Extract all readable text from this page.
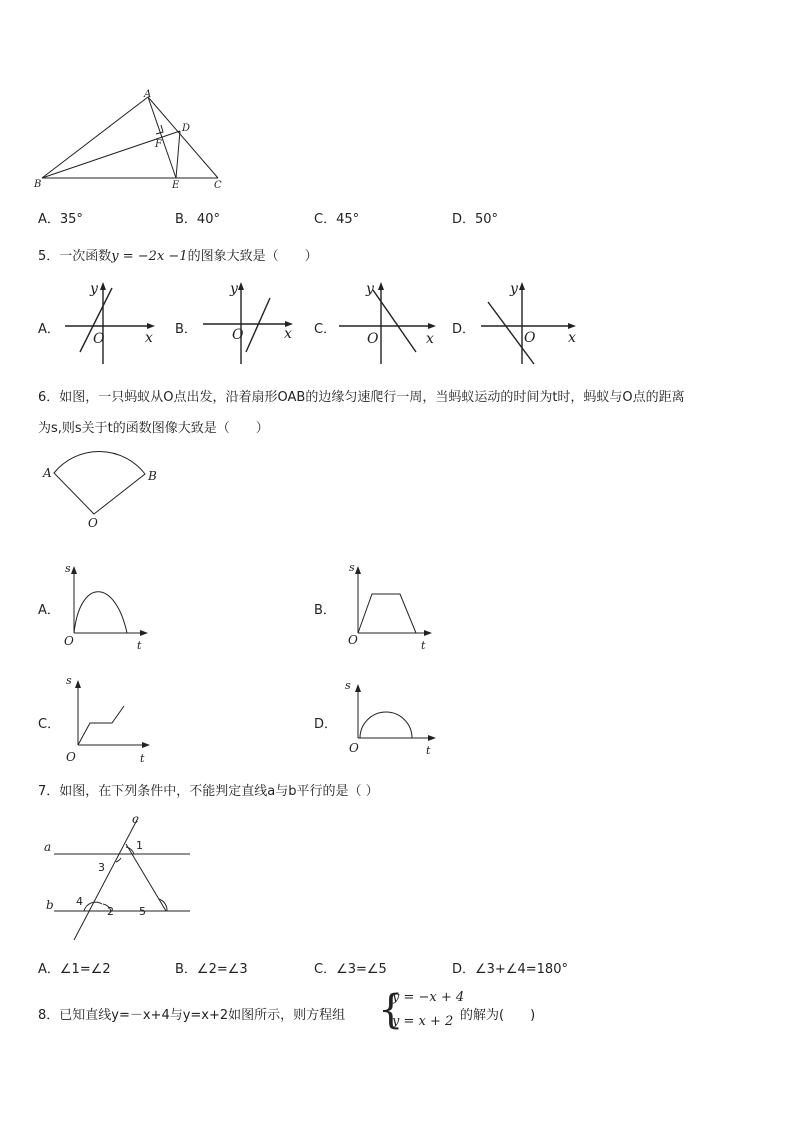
A
B	C
D
E
F
A．35°	B．40°	C．45°	D．50°
5．一次函数y = −2x −1的图象大致是（　　）
A．
y
x
O
B．
y
x
O	C．
y
x
O
D．
y
x
O
6．如图，一只蚂蚁从O点出发，沿着扇形OAB的边缘匀速爬行一周，当蚂蚁运动的时间为t时，蚂蚁与O点的距离
为s,则s关于t的函数图像大致是（　　）
A	B
O
A．
s
t
O
B．
s
t
O
C．
s
t
O
D．
s
t
O
7．如图，在下列条件中，不能判定直线a与b平行的是（ ）
c
a
b
1
3
4
2 5
A．∠1=∠2	B．∠2=∠3	C．∠3=∠5	D．∠3+∠4=180°
8．已知直线y=－x+4与y=x+2如图所示，则方程组 {
y = −x + 4
y = x + 2 的解为(　　)
